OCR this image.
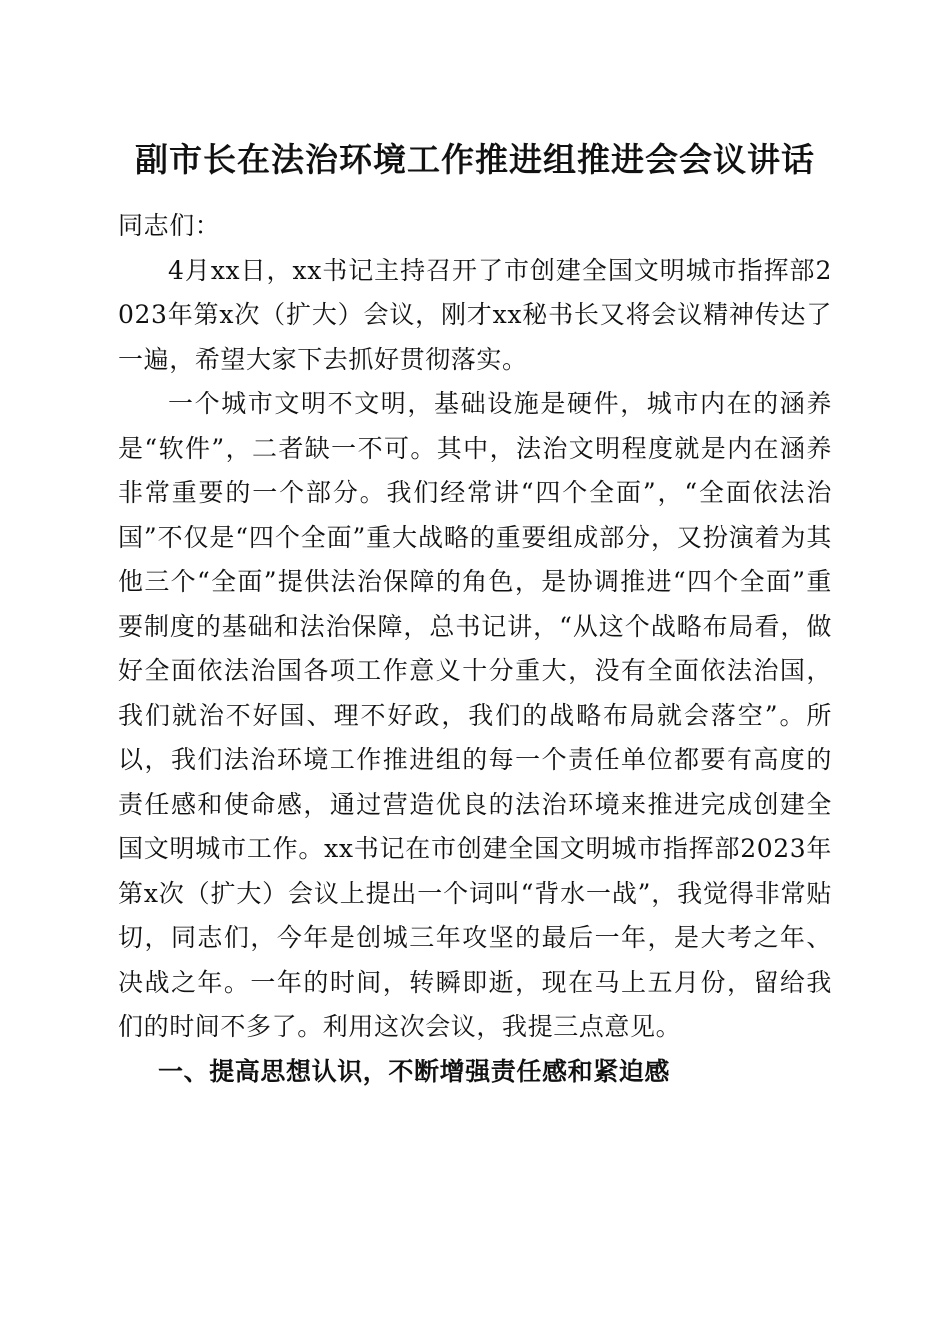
副市长在法治环境工作推进组推进会会议讲话

同志们：

4月xx日，xx书记主持召开了市创建全国文明城市指挥部2023年第x次（扩大）会议，刚才xx秘书长又将会议精神传达了一遍，希望大家下去抓好贯彻落实。

一个城市文明不文明，基础设施是硬件，城市内在的涵养是“软件”，二者缺一不可。其中，法治文明程度就是内在涵养非常重要的一个部分。我们经常讲“四个全面”，“全面依法治国”不仅是“四个全面”重大战略的重要组成部分，又扮演着为其他三个“全面”提供法治保障的角色，是协调推进“四个全面”重要制度的基础和法治保障，总书记讲，“从这个战略布局看，做好全面依法治国各项工作意义十分重大，没有全面依法治国，我们就治不好国、理不好政，我们的战略布局就会落空”。所以，我们法治环境工作推进组的每一个责任单位都要有高度的责任感和使命感，通过营造优良的法治环境来推进完成创建全国文明城市工作。xx书记在市创建全国文明城市指挥部2023年第x次（扩大）会议上提出一个词叫“背水一战”，我觉得非常贴切，同志们，今年是创城三年攻坚的最后一年，是大考之年、决战之年。一年的时间，转瞬即逝，现在马上五月份，留给我们的时间不多了。利用这次会议，我提三点意见。

一、提高思想认识，不断增强责任感和紧迫感
